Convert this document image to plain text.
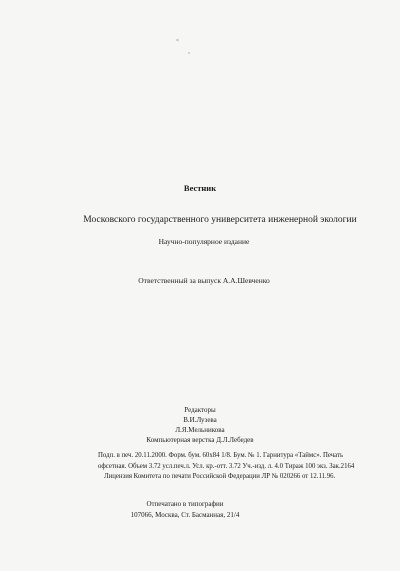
Вестник
Московского государственного университета инженерной экологии
Научно-популярное издание
Ответственный за выпуск А.А.Шевченко
Редакторы
В.И.Лузева
Л.Я.Мельникова
Компьютерная верстка Д.Л.Лебедев
Подп. в печ. 20.11.2000. Форм. бум. 60х84 1/8. Бум. № 1. Гарнитура «Таймс». Печать
офсетная. Объем 3.72 усл.печ.л. Усл. кр.-отт. 3.72 Уч.-изд. л. 4.0 Тираж 100 экз. Зак.2164
Лицензия Комитета по печати Российской Федерации ЛР № 020266 от 12.11.96.
Отпечатано в типографии
107066, Москва, Ст. Басманная, 21/4
